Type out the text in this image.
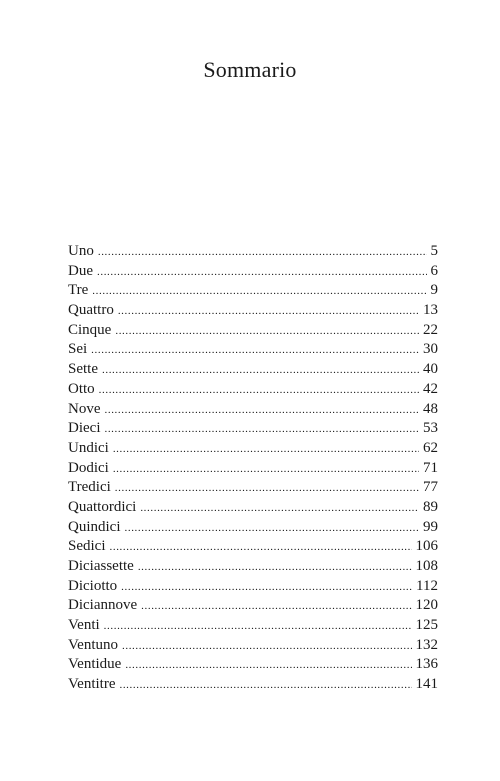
Sommario
Uno .....	5
Due .....	6
Tre .....	9
Quattro .....	13
Cinque .....	22
Sei .....	30
Sette .....	40
Otto .....	42
Nove .....	48
Dieci .....	53
Undici .....	62
Dodici .....	71
Tredici .....	77
Quattordici .....	89
Quindici .....	99
Sedici .....	106
Diciassette .....	108
Diciotto .....	112
Diciannove .....	120
Venti .....	125
Ventuno .....	132
Ventidue .....	136
Ventitre .....	141
